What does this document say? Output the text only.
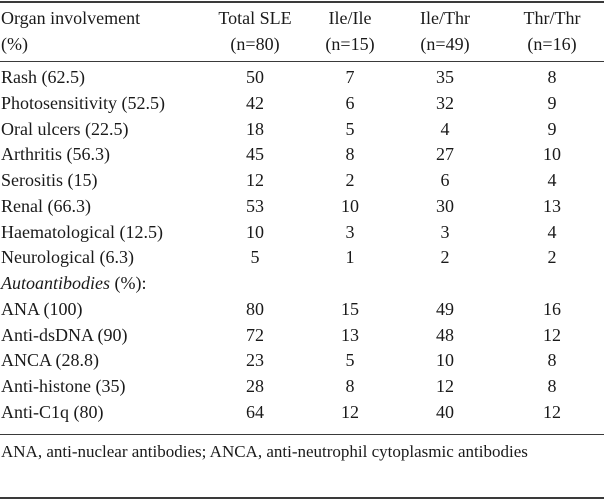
Organ involvement	Total SLE	Ile/Ile	Ile/Thr	Thr/Thr
(%)	(n=80)	(n=15)	(n=49)	(n=16)
Rash (62.5)	50	7	35	8
Photosensitivity (52.5)	42	6	32	9
Oral ulcers (22.5)	18	5	4	9
Arthritis (56.3)	45	8	27	10
Serositis (15)	12	2	6	4
Renal (66.3)	53	10	30	13
Haematological (12.5)	10	3	3	4
Neurological (6.3)	5	1	2	2
Autoantibodies (%):
ANA (100)	80	15	49	16
Anti-dsDNA (90)	72	13	48	12
ANCA (28.8)	23	5	10	8
Anti-histone (35)	28	8	12	8
Anti-C1q (80)	64	12	40	12
ANA, anti-nuclear antibodies; ANCA, anti-neutrophil cytoplasmic antibodies
